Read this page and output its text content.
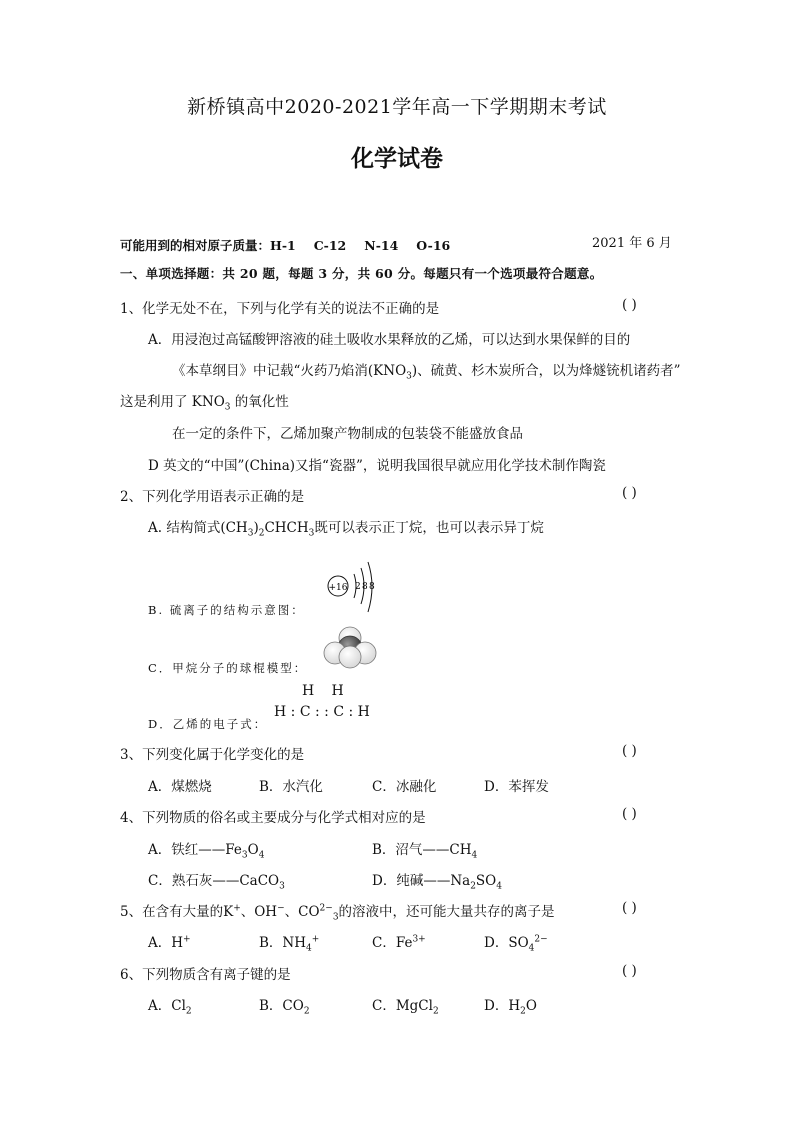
新桥镇高中2020-2021学年高一下学期期末考试
化学试卷
2021 年 6 月
可能用到的相对原子质量：H-1 C-12 N-14 O-16
一、单项选择题：共 20 题，每题 3 分，共 60 分。每题只有一个选项最符合题意。
1、化学无处不在，下列与化学有关的说法不正确的是	( )
A．用浸泡过高锰酸钾溶液的硅土吸收水果释放的乙烯，可以达到水果保鲜的目的
《本草纲目》中记载“火药乃焰消$(KNO_3)$、硫黄、杉木炭所合，以为烽燧铳机诸药者”
这是利用了 $KNO_3$ 的氧化性
在一定的条件下，乙烯加聚产物制成的包装袋不能盛放食品
D 英文的“中国”(China)又指“瓷器”，说明我国很早就应用化学技术制作陶瓷
2、下列化学用语表示正确的是	( )
A. 结构简式$(CH_3)_2CHCH_3$既可以表示正丁烷，也可以表示异丁烷
B. 硫离子的结构示意图：
+16 2 8 8
C．甲烷分子的球棍模型：
D．乙烯的电子式：
H   H
H : C : : C : H
3、下列变化属于化学变化的是	( )
A．煤燃烧	B．水汽化	C．冰融化	D．苯挥发
4、下列物质的俗名或主要成分与化学式相对应的是	( )
A．铁红$——Fe_3O_4$	B．沼气$——CH_4$
C．熟石灰——CaCO$_3$	D．纯碱$——Na_2SO_4$
5、在含有大量的K+、OH−、$CO^{2-}_3$的溶液中，还可能大量共存的离子是	( )
A．H+	B．$NH_4^+$	C．$Fe^{3+}$	D．$SO_4^{2-}$
6、下列物质含有离子键的是	( )
A．$Cl_2$	B．$CO_2$	C．MgCl$_2$	D．$H_2O$
